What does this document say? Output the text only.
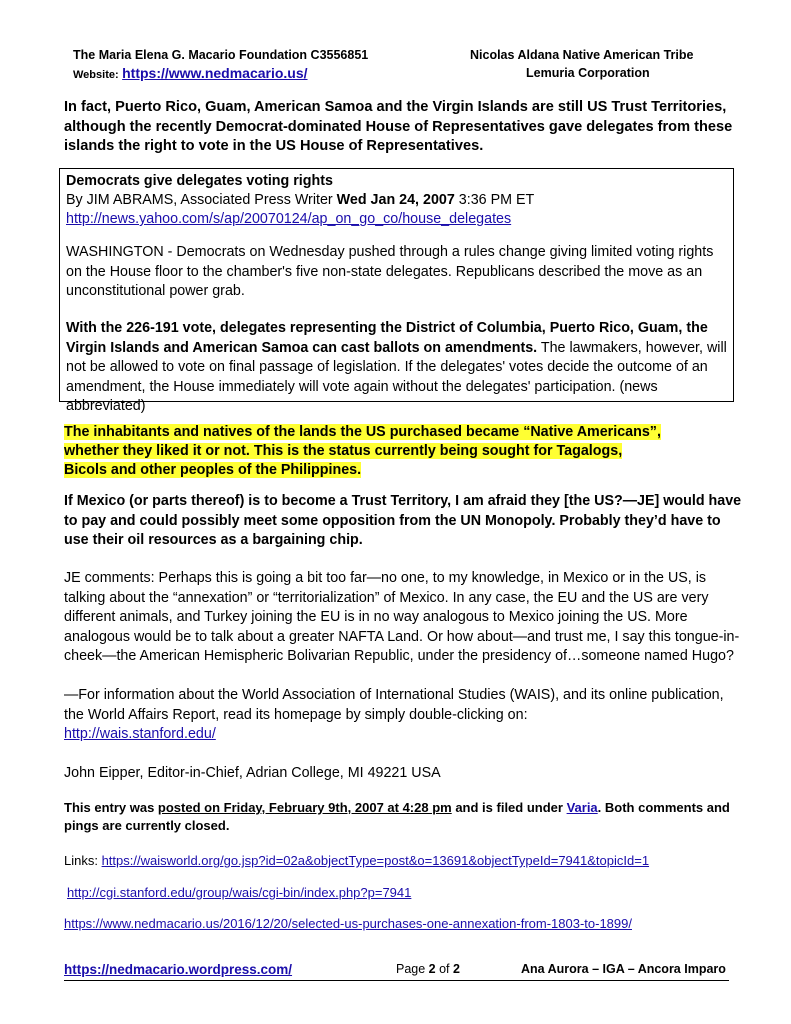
The Maria Elena G. Macario Foundation C3556851
Website: https://www.nedmacario.us/
Nicolas Aldana Native American Tribe
Lemuria Corporation
In fact, Puerto Rico, Guam, American Samoa and the Virgin Islands are still US Trust Territories, although the recently Democrat-dominated House of Representatives gave delegates from these islands the right to vote in the US House of Representatives.
Democrats give delegates voting rights
By JIM ABRAMS, Associated Press Writer Wed Jan 24, 2007 3:36 PM ET
http://news.yahoo.com/s/ap/20070124/ap_on_go_co/house_delegates
WASHINGTON - Democrats on Wednesday pushed through a rules change giving limited voting rights on the House floor to the chamber's five non-state delegates. Republicans described the move as an unconstitutional power grab.
With the 226-191 vote, delegates representing the District of Columbia, Puerto Rico, Guam, the Virgin Islands and American Samoa can cast ballots on amendments. The lawmakers, however, will not be allowed to vote on final passage of legislation. If the delegates' votes decide the outcome of an amendment, the House immediately will vote again without the delegates' participation. (news abbreviated)
The inhabitants and natives of the lands the US purchased became “Native Americans”,
whether they liked it or not. This is the status currently being sought for Tagalogs,
Bicols and other peoples of the Philippines.
If Mexico (or parts thereof) is to become a Trust Territory, I am afraid they [the US?—JE] would have to pay and could possibly meet some opposition from the UN Monopoly. Probably they’d have to use their oil resources as a bargaining chip.
JE comments: Perhaps this is going a bit too far—no one, to my knowledge, in Mexico or in the US, is talking about the “annexation” or “territorialization” of Mexico. In any case, the EU and the US are very different animals, and Turkey joining the EU is in no way analogous to Mexico joining the US. More analogous would be to talk about a greater NAFTA Land. Or how about—and trust me, I say this tongue-in-cheek—the American Hemispheric Bolivarian Republic, under the presidency of…someone named Hugo?
—For information about the World Association of International Studies (WAIS), and its online publication, the World Affairs Report, read its homepage by simply double-clicking on:
http://wais.stanford.edu/
John Eipper, Editor-in-Chief, Adrian College, MI 49221 USA
This entry was posted on Friday, February 9th, 2007 at 4:28 pm and is filed under Varia. Both comments and pings are currently closed.
Links: https://waisworld.org/go.jsp?id=02a&objectType=post&o=13691&objectTypeId=7941&topicId=1
http://cgi.stanford.edu/group/wais/cgi-bin/index.php?p=7941
https://www.nedmacario.us/2016/12/20/selected-us-purchases-one-annexation-from-1803-to-1899/
https://nedmacario.wordpress.com/	Page 2 of 2	Ana Aurora – IGA – Ancora Imparo
